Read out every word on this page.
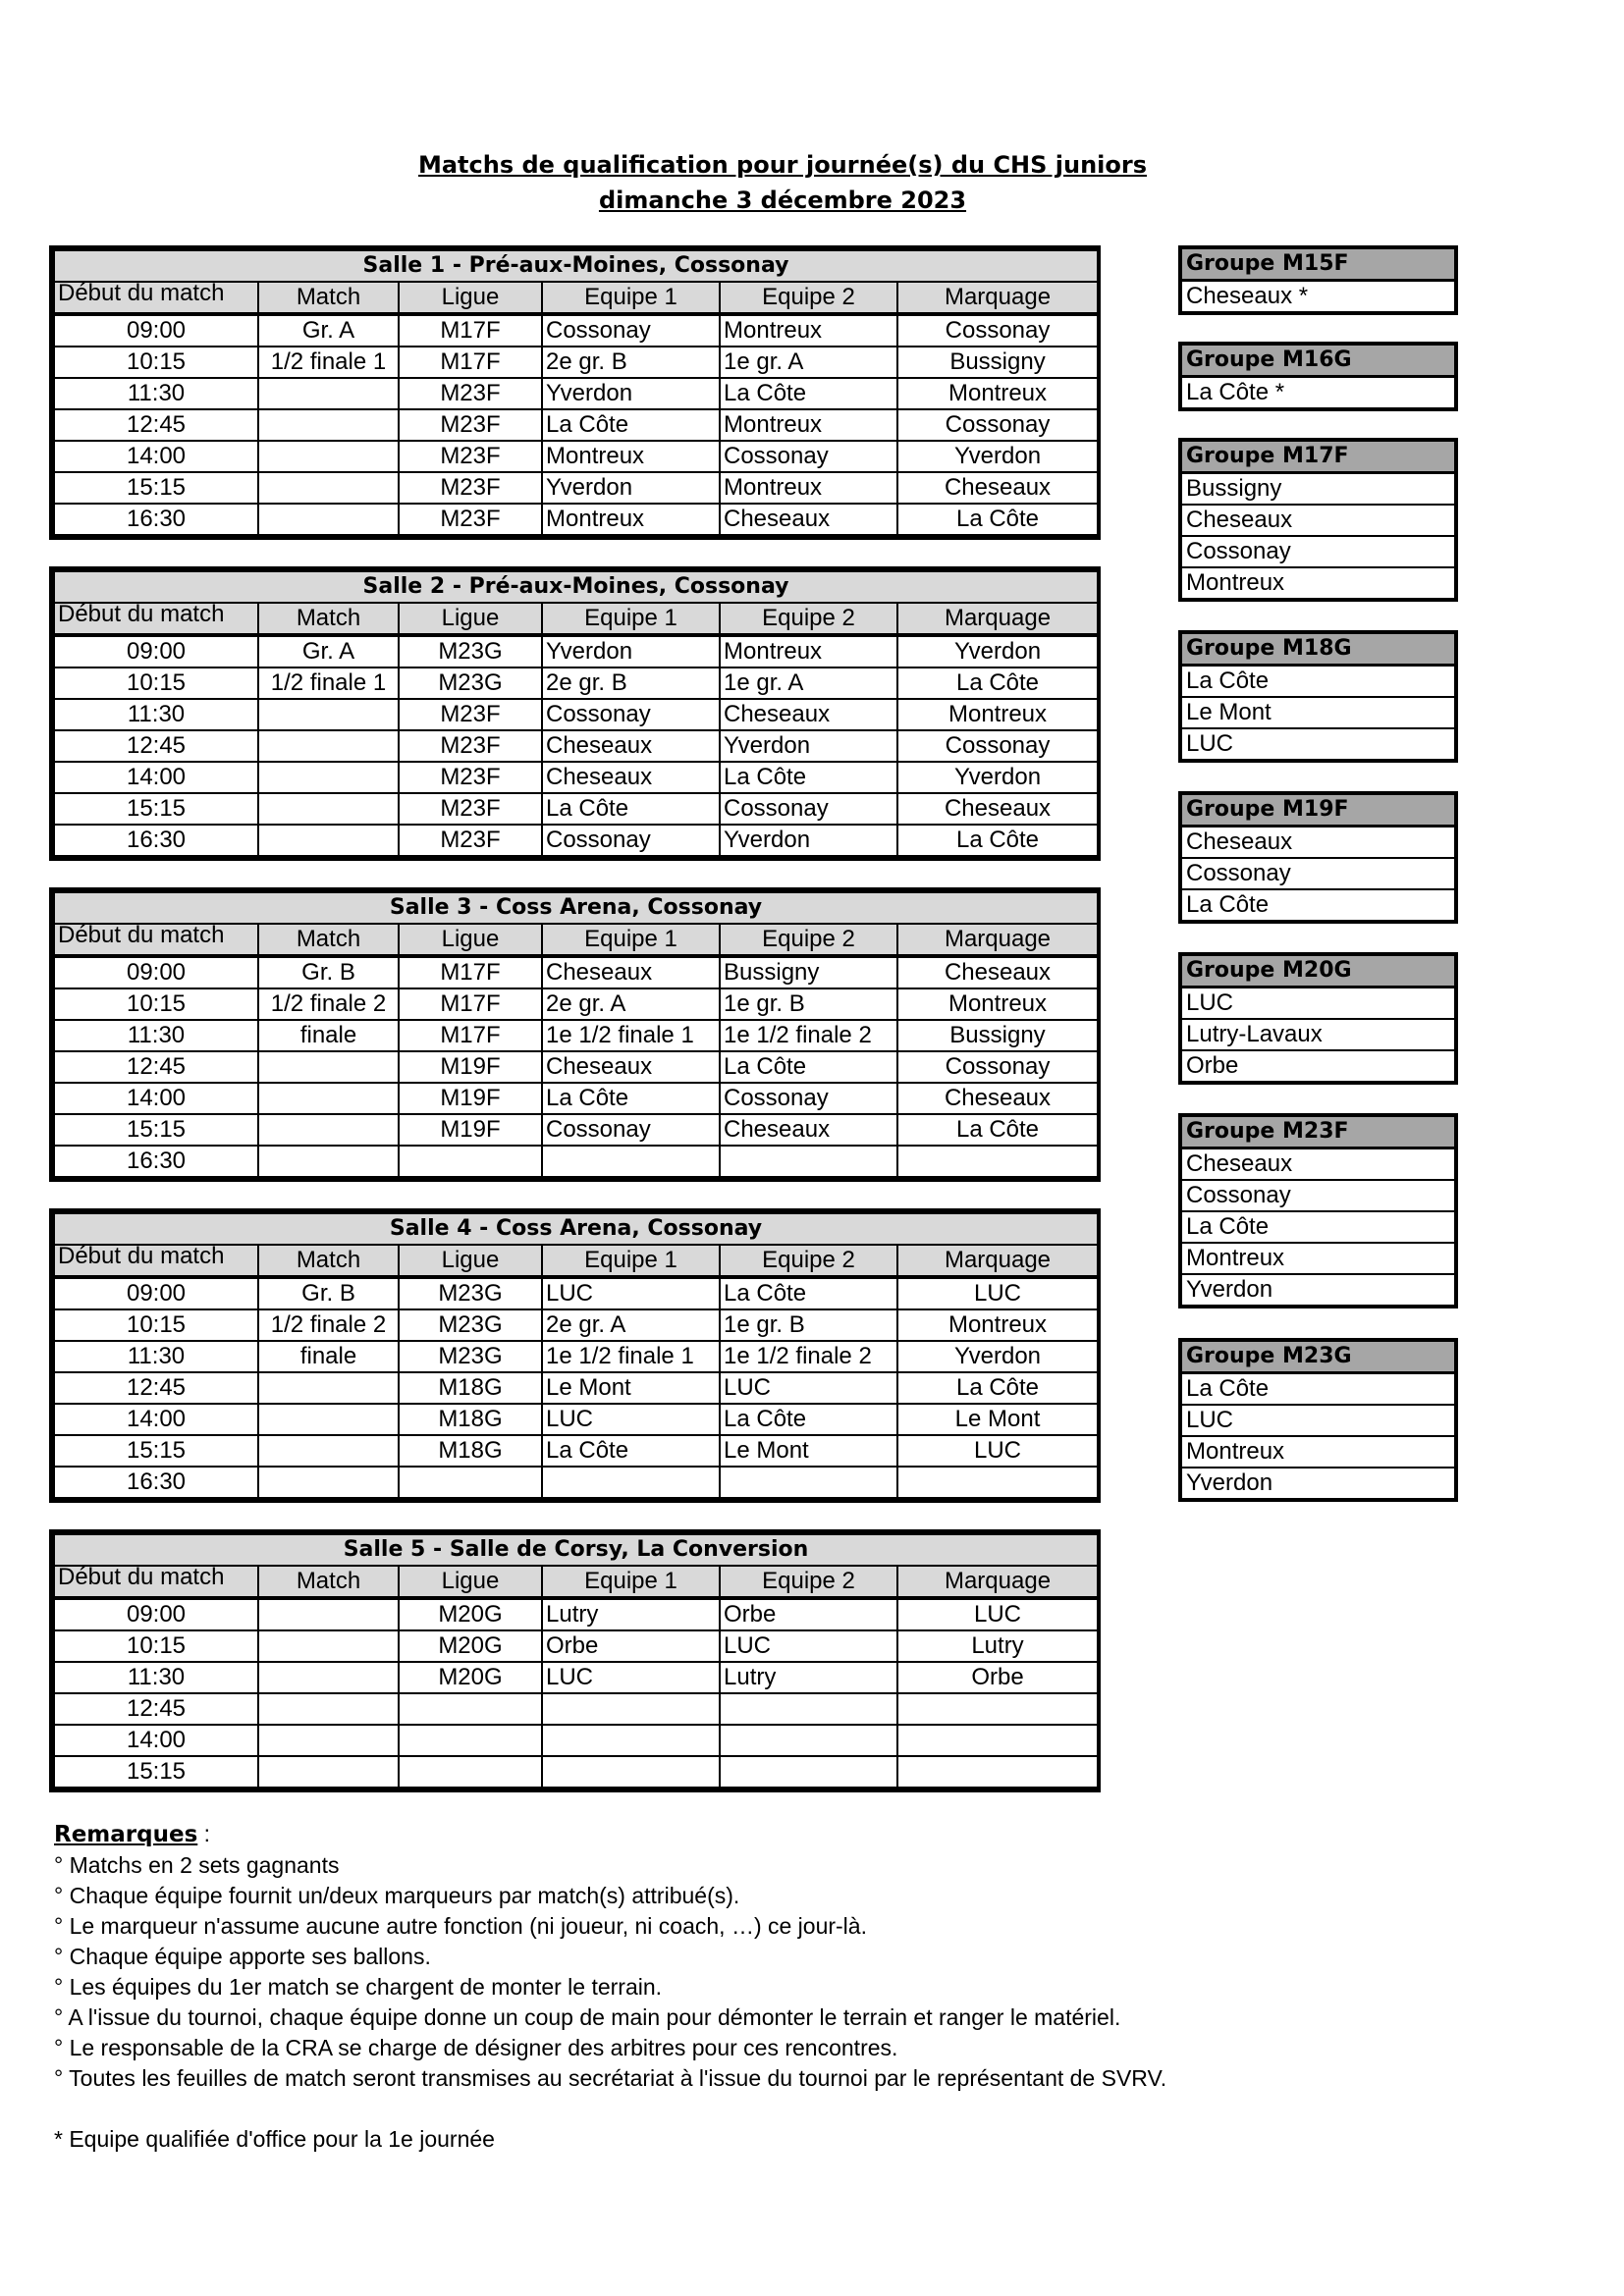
Matchs de qualification pour journée(s) du CHS juniors
dimanche 3 décembre 2023
Salle 1 - Pré-aux-Moines, Cossonay					
Début du match	Match	Ligue	Equipe 1	Equipe 2	Marquage
09:00	Gr. A	M17F	Cossonay	Montreux	Cossonay
10:15	1/2 finale 1	M17F	2e gr. B	1e gr. A	Bussigny
11:30		M23F	Yverdon	La Côte	Montreux
12:45		M23F	La Côte	Montreux	Cossonay
14:00		M23F	Montreux	Cossonay	Yverdon
15:15		M23F	Yverdon	Montreux	Cheseaux
16:30		M23F	Montreux	Cheseaux	La Côte
Salle 2 - Pré-aux-Moines, Cossonay					
Début du match	Match	Ligue	Equipe 1	Equipe 2	Marquage
09:00	Gr. A	M23G	Yverdon	Montreux	Yverdon
10:15	1/2 finale 1	M23G	2e gr. B	1e gr. A	La Côte
11:30		M23F	Cossonay	Cheseaux	Montreux
12:45		M23F	Cheseaux	Yverdon	Cossonay
14:00		M23F	Cheseaux	La Côte	Yverdon
15:15		M23F	La Côte	Cossonay	Cheseaux
16:30		M23F	Cossonay	Yverdon	La Côte
Salle 3 - Coss Arena, Cossonay					
Début du match	Match	Ligue	Equipe 1	Equipe 2	Marquage
09:00	Gr. B	M17F	Cheseaux	Bussigny	Cheseaux
10:15	1/2 finale 2	M17F	2e gr. A	1e gr. B	Montreux
11:30	finale	M17F	1e 1/2 finale 1	1e 1/2 finale 2	Bussigny
12:45		M19F	Cheseaux	La Côte	Cossonay
14:00		M19F	La Côte	Cossonay	Cheseaux
15:15		M19F	Cossonay	Cheseaux	La Côte
16:30					
Salle 4 - Coss Arena, Cossonay					
Début du match	Match	Ligue	Equipe 1	Equipe 2	Marquage
09:00	Gr. B	M23G	LUC	La Côte	LUC
10:15	1/2 finale 2	M23G	2e gr. A	1e gr. B	Montreux
11:30	finale	M23G	1e 1/2 finale 1	1e 1/2 finale 2	Yverdon
12:45		M18G	Le Mont	LUC	La Côte
14:00		M18G	LUC	La Côte	Le Mont
15:15		M18G	La Côte	Le Mont	LUC
16:30					
Salle 5 - Salle de Corsy, La Conversion					
Début du match	Match	Ligue	Equipe 1	Equipe 2	Marquage
09:00		M20G	Lutry	Orbe	LUC
10:15		M20G	Orbe	LUC	Lutry
11:30		M20G	LUC	Lutry	Orbe
12:45					
14:00					
15:15					
Groupe M15F
Cheseaux *
Groupe M16G
La Côte *
Groupe M17F
Bussigny
Cheseaux
Cossonay
Montreux
Groupe M18G
La Côte
Le Mont
LUC
Groupe M19F
Cheseaux
Cossonay
La Côte
Groupe M20G
LUC
Lutry-Lavaux
Orbe
Groupe M23F
Cheseaux
Cossonay
La Côte
Montreux
Yverdon
Groupe M23G
La Côte
LUC
Montreux
Yverdon
Remarques :
° Matchs en 2 sets gagnants
° Chaque équipe fournit un/deux marqueurs par match(s) attribué(s).
° Le marqueur n'assume aucune autre fonction (ni joueur, ni coach, …) ce jour-là.
° Chaque équipe apporte ses ballons.
° Les équipes du 1er match se chargent de monter le terrain.
° A l'issue du tournoi, chaque équipe donne un coup de main pour démonter le terrain et ranger le matériel.
° Le responsable de la CRA se charge de désigner des arbitres pour ces rencontres.
° Toutes les feuilles de match seront transmises au secrétariat à l'issue du tournoi par le représentant de SVRV.
* Equipe qualifiée d'office pour la 1e journée
